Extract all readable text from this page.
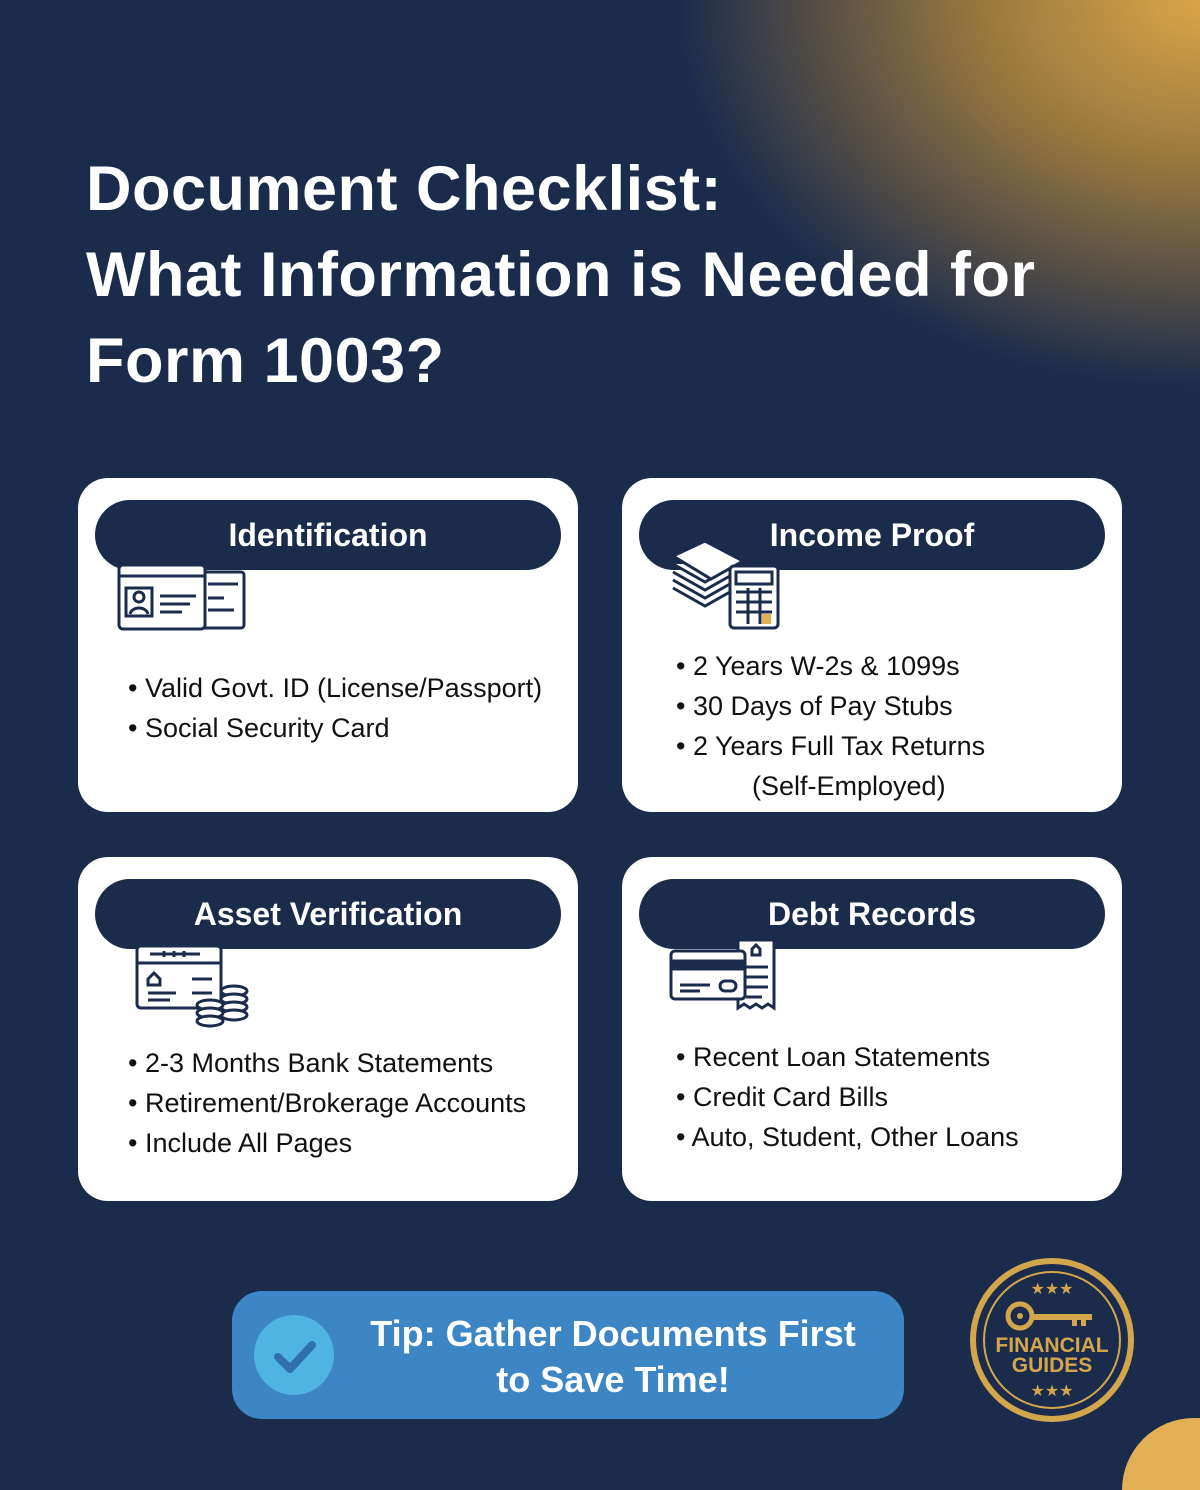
Document Checklist:
What Information is Needed for
Form 1003?
Identification
• Valid Govt. ID (License/Passport)
• Social Security Card
Income Proof
• 2 Years W-2s & 1099s
• 30 Days of Pay Stubs
• 2 Years Full Tax Returns
(Self-Employed)
Asset Verification
• 2-3 Months Bank Statements
• Retirement/Brokerage Accounts
• Include All Pages
Debt Records
• Recent Loan Statements
• Credit Card Bills
• Auto, Student, Other Loans
Tip: Gather Documents First
to Save Time!
★★★
FINANCIAL
GUIDES
★★★
